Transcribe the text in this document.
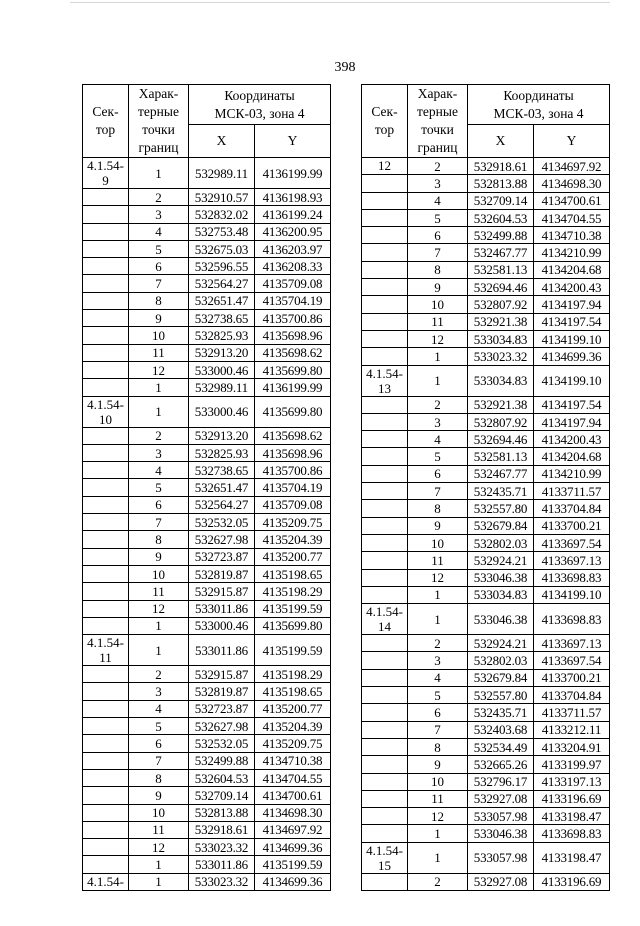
398
Сек-
тор	Харак-
терные
точки
границ	Координаты
МСК-03, зона 4	
		X	Y
4.1.54-
9	1	532989.11	4136199.99
	2	532910.57	4136198.93
	3	532832.02	4136199.24
	4	532753.48	4136200.95
	5	532675.03	4136203.97
	6	532596.55	4136208.33
	7	532564.27	4135709.08
	8	532651.47	4135704.19
	9	532738.65	4135700.86
	10	532825.93	4135698.96
	11	532913.20	4135698.62
	12	533000.46	4135699.80
	1	532989.11	4136199.99
4.1.54-
10	1	533000.46	4135699.80
	2	532913.20	4135698.62
	3	532825.93	4135698.96
	4	532738.65	4135700.86
	5	532651.47	4135704.19
	6	532564.27	4135709.08
	7	532532.05	4135209.75
	8	532627.98	4135204.39
	9	532723.87	4135200.77
	10	532819.87	4135198.65
	11	532915.87	4135198.29
	12	533011.86	4135199.59
	1	533000.46	4135699.80
4.1.54-
11	1	533011.86	4135199.59
	2	532915.87	4135198.29
	3	532819.87	4135198.65
	4	532723.87	4135200.77
	5	532627.98	4135204.39
	6	532532.05	4135209.75
	7	532499.88	4134710.38
	8	532604.53	4134704.55
	9	532709.14	4134700.61
	10	532813.88	4134698.30
	11	532918.61	4134697.92
	12	533023.32	4134699.36
	1	533011.86	4135199.59
4.1.54-	1	533023.32	4134699.36
Сек-
тор	Харак-
терные
точки
границ	Координаты
МСК-03, зона 4	
		X	Y
12	2	532918.61	4134697.92
	3	532813.88	4134698.30
	4	532709.14	4134700.61
	5	532604.53	4134704.55
	6	532499.88	4134710.38
	7	532467.77	4134210.99
	8	532581.13	4134204.68
	9	532694.46	4134200.43
	10	532807.92	4134197.94
	11	532921.38	4134197.54
	12	533034.83	4134199.10
	1	533023.32	4134699.36
4.1.54-
13	1	533034.83	4134199.10
	2	532921.38	4134197.54
	3	532807.92	4134197.94
	4	532694.46	4134200.43
	5	532581.13	4134204.68
	6	532467.77	4134210.99
	7	532435.71	4133711.57
	8	532557.80	4133704.84
	9	532679.84	4133700.21
	10	532802.03	4133697.54
	11	532924.21	4133697.13
	12	533046.38	4133698.83
	1	533034.83	4134199.10
4.1.54-
14	1	533046.38	4133698.83
	2	532924.21	4133697.13
	3	532802.03	4133697.54
	4	532679.84	4133700.21
	5	532557.80	4133704.84
	6	532435.71	4133711.57
	7	532403.68	4133212.11
	8	532534.49	4133204.91
	9	532665.26	4133199.97
	10	532796.17	4133197.13
	11	532927.08	4133196.69
	12	533057.98	4133198.47
	1	533046.38	4133698.83
4.1.54-
15	1	533057.98	4133198.47
	2	532927.08	4133196.69
